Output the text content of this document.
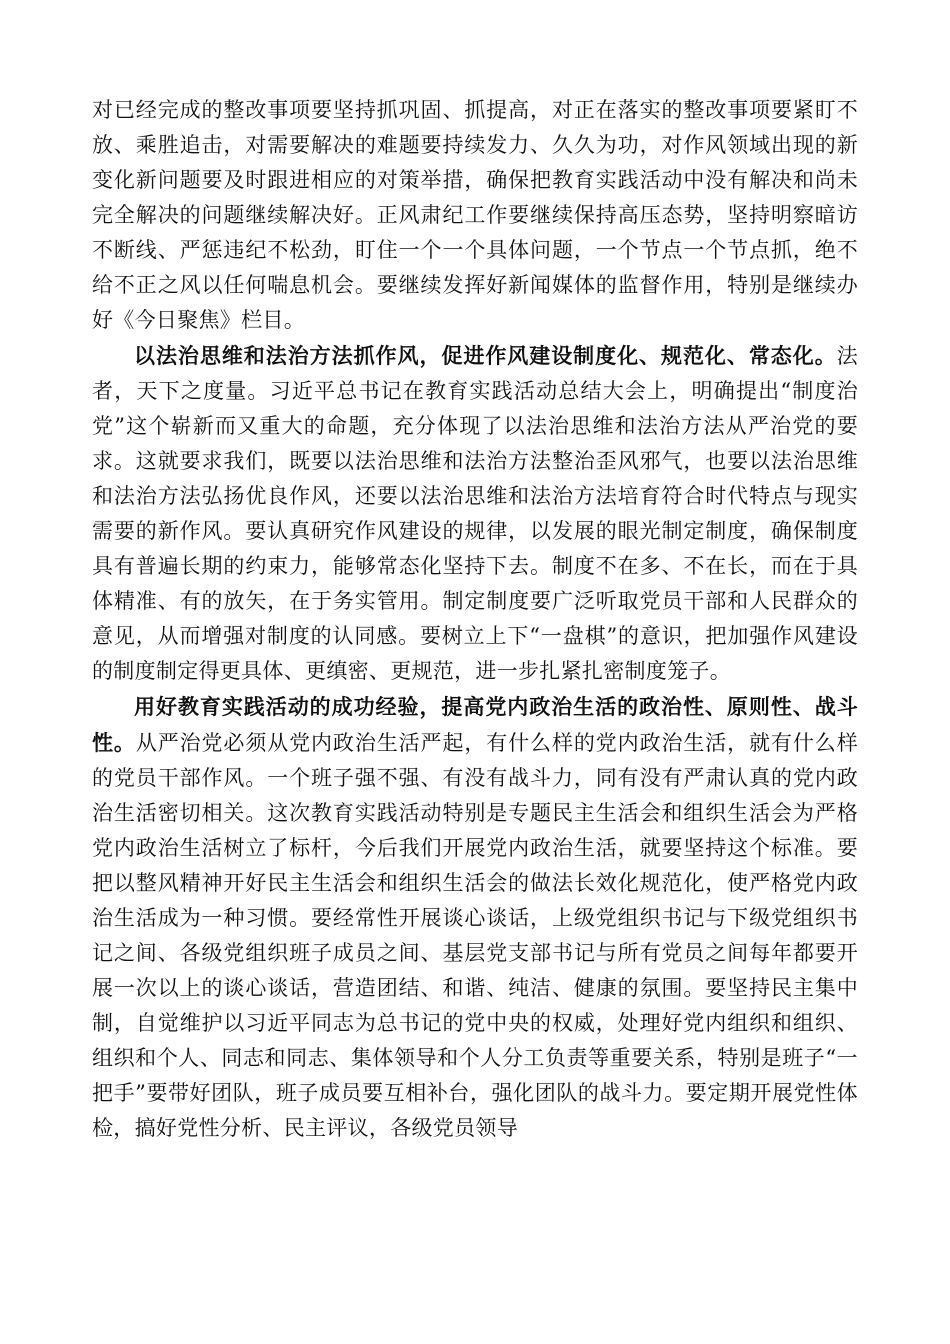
对已经完成的整改事项要坚持抓巩固、抓提高，对正在落实的整改事项要紧盯不放、乘胜追击，对需要解决的难题要持续发力、久久为功，对作风领域出现的新变化新问题要及时跟进相应的对策举措，确保把教育实践活动中没有解决和尚未完全解决的问题继续解决好。正风肃纪工作要继续保持高压态势，坚持明察暗访不断线、严惩违纪不松劲，盯住一个一个具体问题，一个节点一个节点抓，绝不给不正之风以任何喘息机会。要继续发挥好新闻媒体的监督作用，特别是继续办好《今日聚焦》栏目。

以法治思维和法治方法抓作风，促进作风建设制度化、规范化、常态化。法者，天下之度量。习近平总书记在教育实践活动总结大会上，明确提出“制度治党”这个崭新而又重大的命题，充分体现了以法治思维和法治方法从严治党的要求。这就要求我们，既要以法治思维和法治方法整治歪风邪气，也要以法治思维和法治方法弘扬优良作风，还要以法治思维和法治方法培育符合时代特点与现实需要的新作风。要认真研究作风建设的规律，以发展的眼光制定制度，确保制度具有普遍长期的约束力，能够常态化坚持下去。制度不在多、不在长，而在于具体精准、有的放矢，在于务实管用。制定制度要广泛听取党员干部和人民群众的意见，从而增强对制度的认同感。要树立上下“一盘棋”的意识，把加强作风建设的制度制定得更具体、更缜密、更规范，进一步扎紧扎密制度笼子。

用好教育实践活动的成功经验，提高党内政治生活的政治性、原则性、战斗性。从严治党必须从党内政治生活严起，有什么样的党内政治生活，就有什么样的党员干部作风。一个班子强不强、有没有战斗力，同有没有严肃认真的党内政治生活密切相关。这次教育实践活动特别是专题民主生活会和组织生活会为严格党内政治生活树立了标杆，今后我们开展党内政治生活，就要坚持这个标准。要把以整风精神开好民主生活会和组织生活会的做法长效化规范化，使严格党内政治生活成为一种习惯。要经常性开展谈心谈话，上级党组织书记与下级党组织书记之间、各级党组织班子成员之间、基层党支部书记与所有党员之间每年都要开展一次以上的谈心谈话，营造团结、和谐、纯洁、健康的氛围。要坚持民主集中制，自觉维护以习近平同志为总书记的党中央的权威，处理好党内组织和组织、组织和个人、同志和同志、集体领导和个人分工负责等重要关系，特别是班子“一把手”要带好团队，班子成员要互相补台，强化团队的战斗力。要定期开展党性体检，搞好党性分析、民主评议，各级党员领导
